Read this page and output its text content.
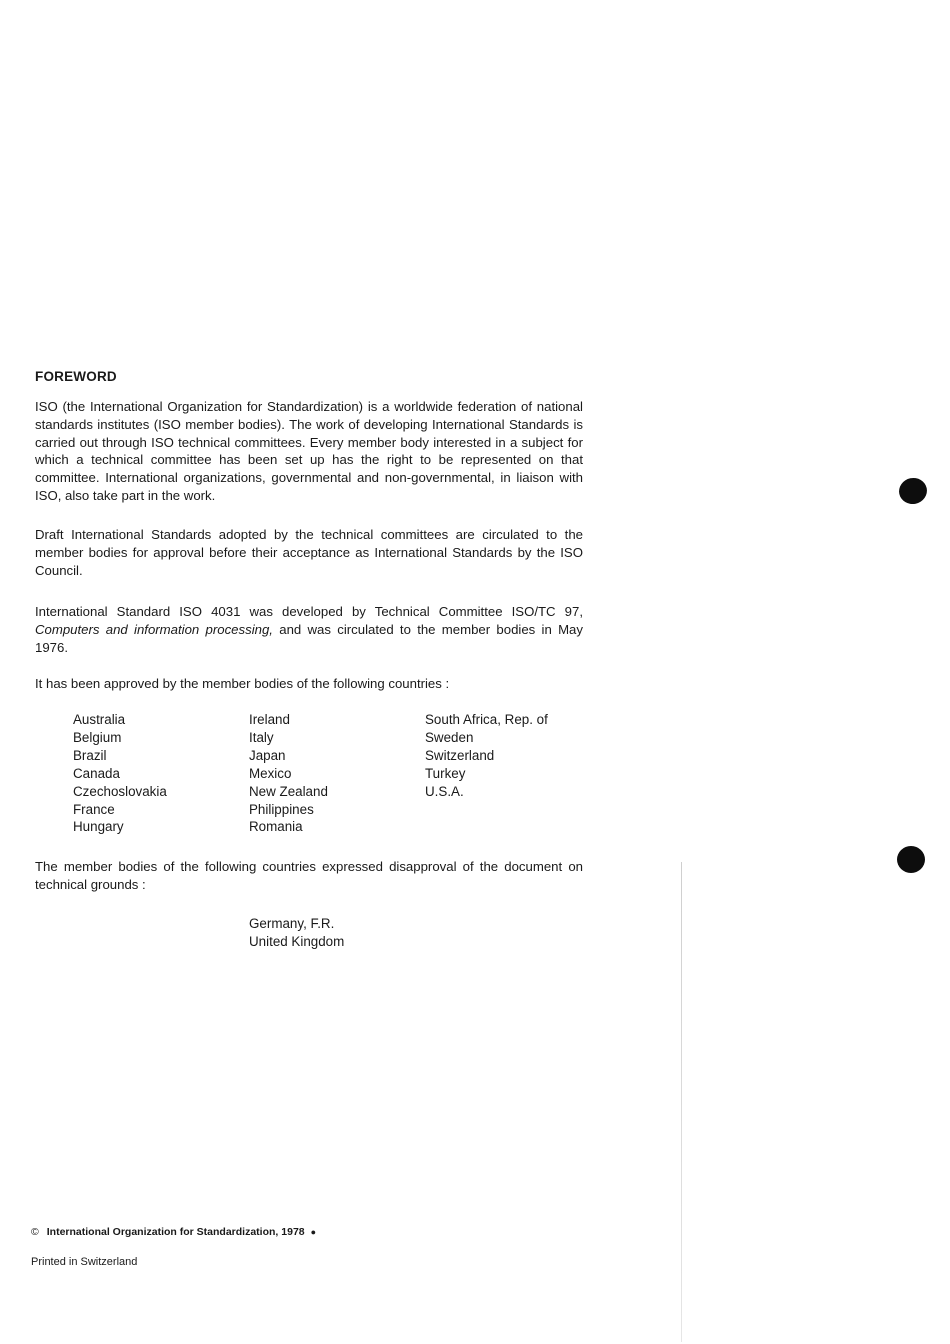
FOREWORD

ISO (the International Organization for Standardization) is a worldwide federation of national standards institutes (ISO member bodies). The work of developing International Standards is carried out through ISO technical committees. Every member body interested in a subject for which a technical committee has been set up has the right to be represented on that committee. International organizations, governmental and non-governmental, in liaison with ISO, also take part in the work.

Draft International Standards adopted by the technical committees are circulated to the member bodies for approval before their acceptance as International Standards by the ISO Council.

International Standard ISO 4031 was developed by Technical Committee ISO/TC 97, Computers and information processing, and was circulated to the member bodies in May 1976.

It has been approved by the member bodies of the following countries :

Australia
Belgium
Brazil
Canada
Czechoslovakia
France
Hungary
Ireland
Italy
Japan
Mexico
New Zealand
Philippines
Romania
South Africa, Rep. of
Sweden
Switzerland
Turkey
U.S.A.

The member bodies of the following countries expressed disapproval of the document on technical grounds :

Germany, F.R.
United Kingdom
© International Organization for Standardization, 1978 ●
Printed in Switzerland
